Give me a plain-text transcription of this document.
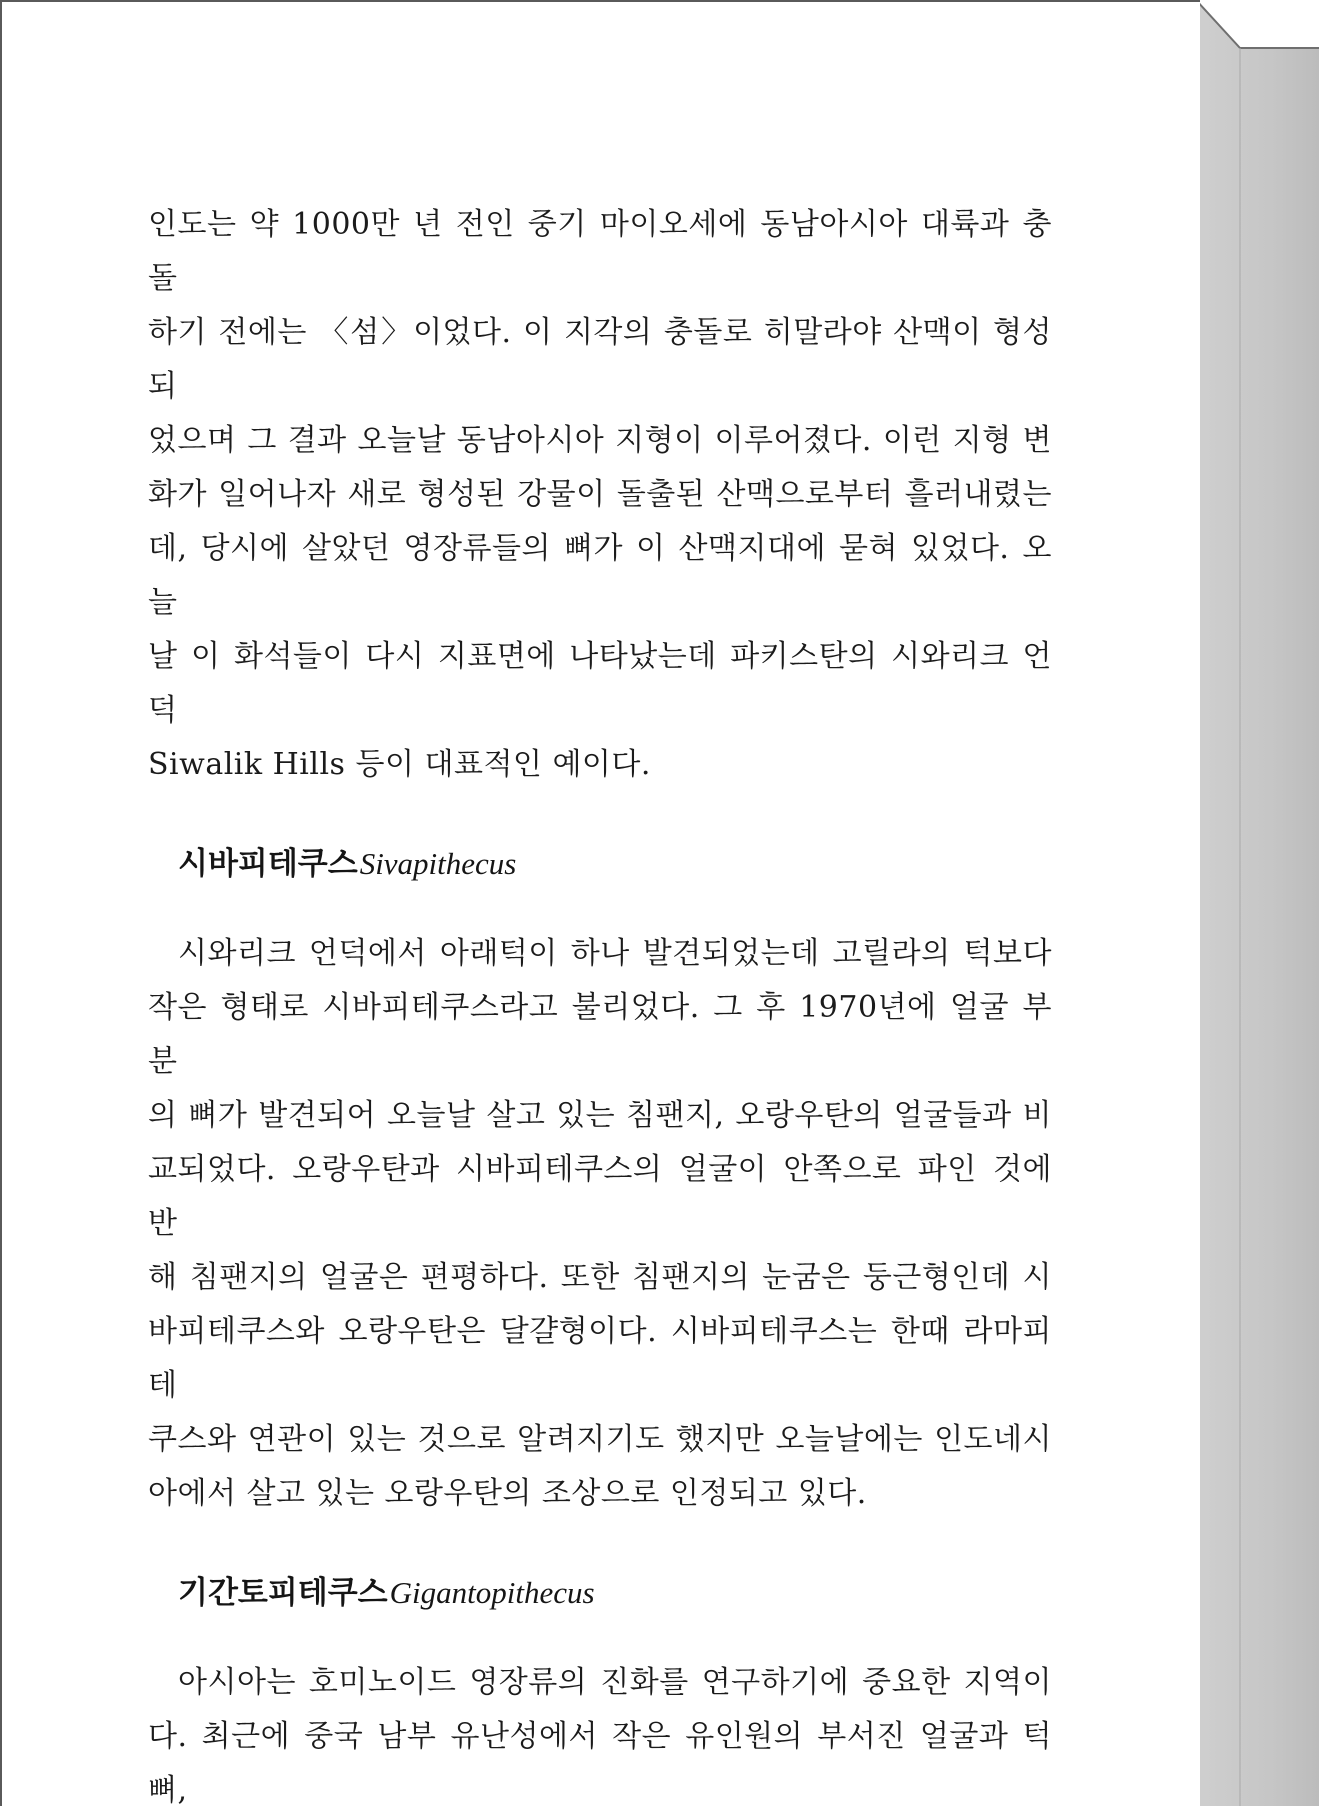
인도는 약 1000만 년 전인 중기 마이오세에 동남아시아 대륙과 충돌
하기 전에는 〈섬〉이었다. 이 지각의 충돌로 히말라야 산맥이 형성되
었으며 그 결과 오늘날 동남아시아 지형이 이루어졌다. 이런 지형 변
화가 일어나자 새로 형성된 강물이 돌출된 산맥으로부터 흘러내렸는
데, 당시에 살았던 영장류들의 뼈가 이 산맥지대에 묻혀 있었다. 오늘
날 이 화석들이 다시 지표면에 나타났는데 파키스탄의 시와리크 언덕
Siwalik Hills 등이 대표적인 예이다.

시바피테쿠스Sivapithecus

시와리크 언덕에서 아래턱이 하나 발견되었는데 고릴라의 턱보다
작은 형태로 시바피테쿠스라고 불리었다. 그 후 1970년에 얼굴 부분
의 뼈가 발견되어 오늘날 살고 있는 침팬지, 오랑우탄의 얼굴들과 비
교되었다. 오랑우탄과 시바피테쿠스의 얼굴이 안쪽으로 파인 것에 반
해 침팬지의 얼굴은 편평하다. 또한 침팬지의 눈굼은 둥근형인데 시
바피테쿠스와 오랑우탄은 달걀형이다. 시바피테쿠스는 한때 라마피테
쿠스와 연관이 있는 것으로 알려지기도 했지만 오늘날에는 인도네시
아에서 살고 있는 오랑우탄의 조상으로 인정되고 있다.

기간토피테쿠스Gigantopithecus

아시아는 호미노이드 영장류의 진화를 연구하기에 중요한 지역이
다. 최근에 중국 남부 유난성에서 작은 유인원의 부서진 얼굴과 턱뼈,
